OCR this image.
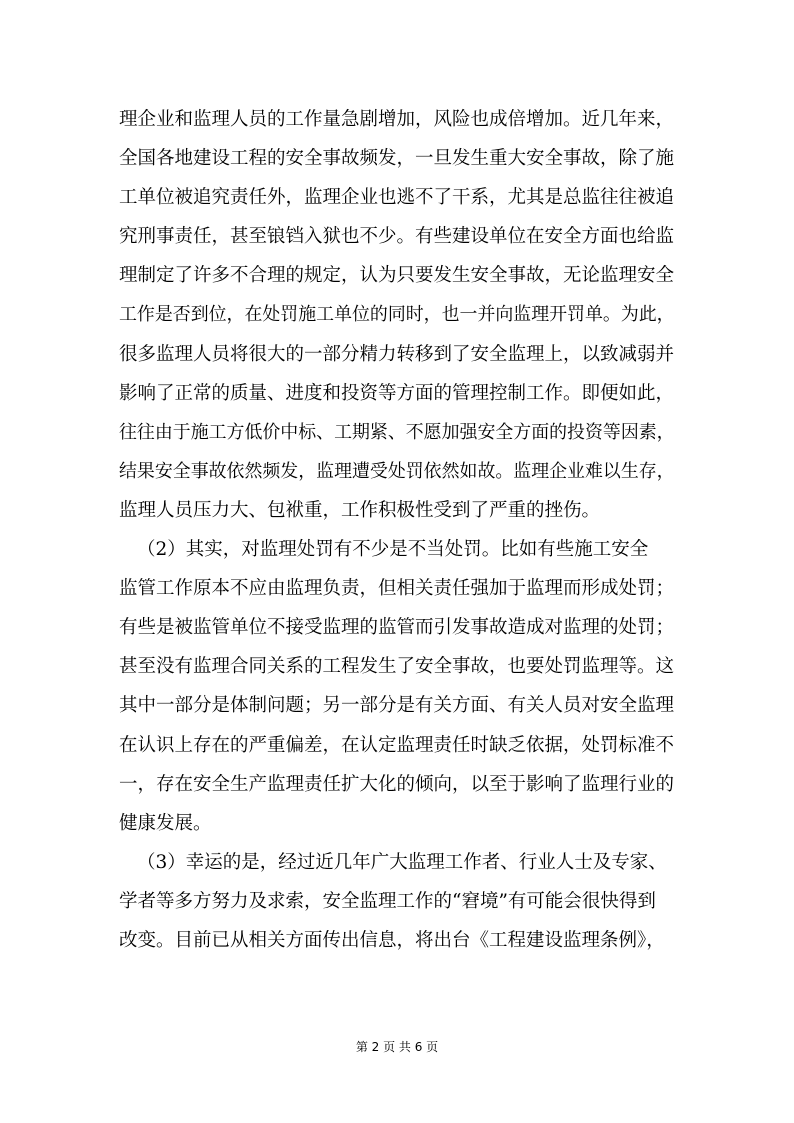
理企业和监理人员的工作量急剧增加，风险也成倍增加。近几年来，
全国各地建设工程的安全事故频发，一旦发生重大安全事故，除了施
工单位被追究责任外，监理企业也逃不了干系，尤其是总监往往被追
究刑事责任，甚至锒铛入狱也不少。有些建设单位在安全方面也给监
理制定了许多不合理的规定，认为只要发生安全事故，无论监理安全
工作是否到位，在处罚施工单位的同时，也一并向监理开罚单。为此，
很多监理人员将很大的一部分精力转移到了安全监理上，以致减弱并
影响了正常的质量、进度和投资等方面的管理控制工作。即便如此，
往往由于施工方低价中标、工期紧、不愿加强安全方面的投资等因素，
结果安全事故依然频发，监理遭受处罚依然如故。监理企业难以生存，
监理人员压力大、包袱重，工作积极性受到了严重的挫伤。
（2）其实，对监理处罚有不少是不当处罚。比如有些施工安全
监管工作原本不应由监理负责，但相关责任强加于监理而形成处罚；
有些是被监管单位不接受监理的监管而引发事故造成对监理的处罚；
甚至没有监理合同关系的工程发生了安全事故，也要处罚监理等。这
其中一部分是体制问题；另一部分是有关方面、有关人员对安全监理
在认识上存在的严重偏差，在认定监理责任时缺乏依据，处罚标准不
一，存在安全生产监理责任扩大化的倾向，以至于影响了监理行业的
健康发展。
（3）幸运的是，经过近几年广大监理工作者、行业人士及专家、
学者等多方努力及求索，安全监理工作的“窘境”有可能会很快得到
改变。目前已从相关方面传出信息，将出台《工程建设监理条例》，
第 2 页 共 6 页
